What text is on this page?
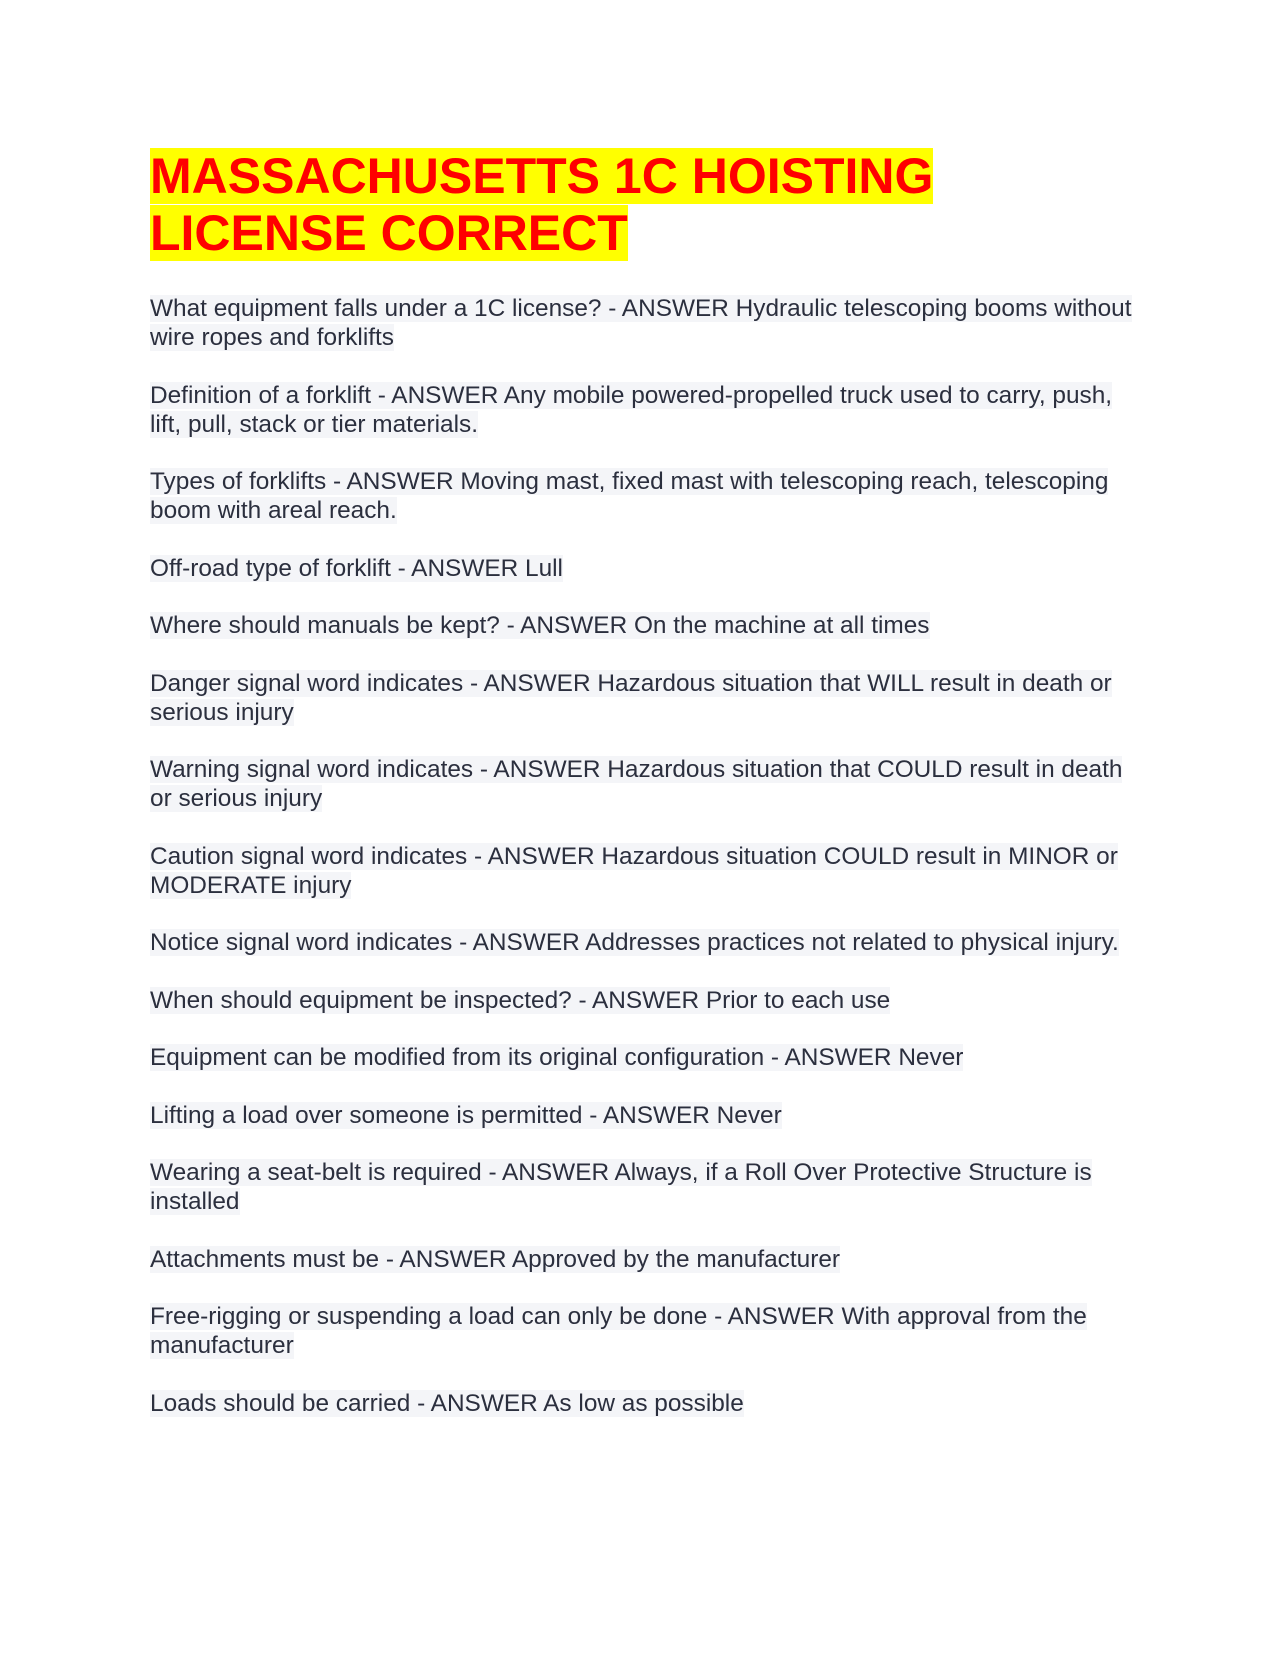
MASSACHUSETTS 1C HOISTING LICENSE CORRECT
What equipment falls under a 1C license? - ANSWER Hydraulic telescoping booms without wire ropes and forklifts
Definition of a forklift - ANSWER Any mobile powered-propelled truck used to carry, push, lift, pull, stack or tier materials.
Types of forklifts - ANSWER Moving mast, fixed mast with telescoping reach, telescoping boom with areal reach.
Off-road type of forklift - ANSWER Lull
Where should manuals be kept? - ANSWER On the machine at all times
Danger signal word indicates - ANSWER Hazardous situation that WILL result in death or serious injury
Warning signal word indicates - ANSWER Hazardous situation that COULD result in death or serious injury
Caution signal word indicates - ANSWER Hazardous situation COULD result in MINOR or MODERATE injury
Notice signal word indicates - ANSWER Addresses practices not related to physical injury.
When should equipment be inspected? - ANSWER Prior to each use
Equipment can be modified from its original configuration - ANSWER Never
Lifting a load over someone is permitted - ANSWER Never
Wearing a seat-belt is required - ANSWER Always, if a Roll Over Protective Structure is installed
Attachments must be - ANSWER Approved by the manufacturer
Free-rigging or suspending a load can only be done - ANSWER With approval from the manufacturer
Loads should be carried - ANSWER As low as possible
